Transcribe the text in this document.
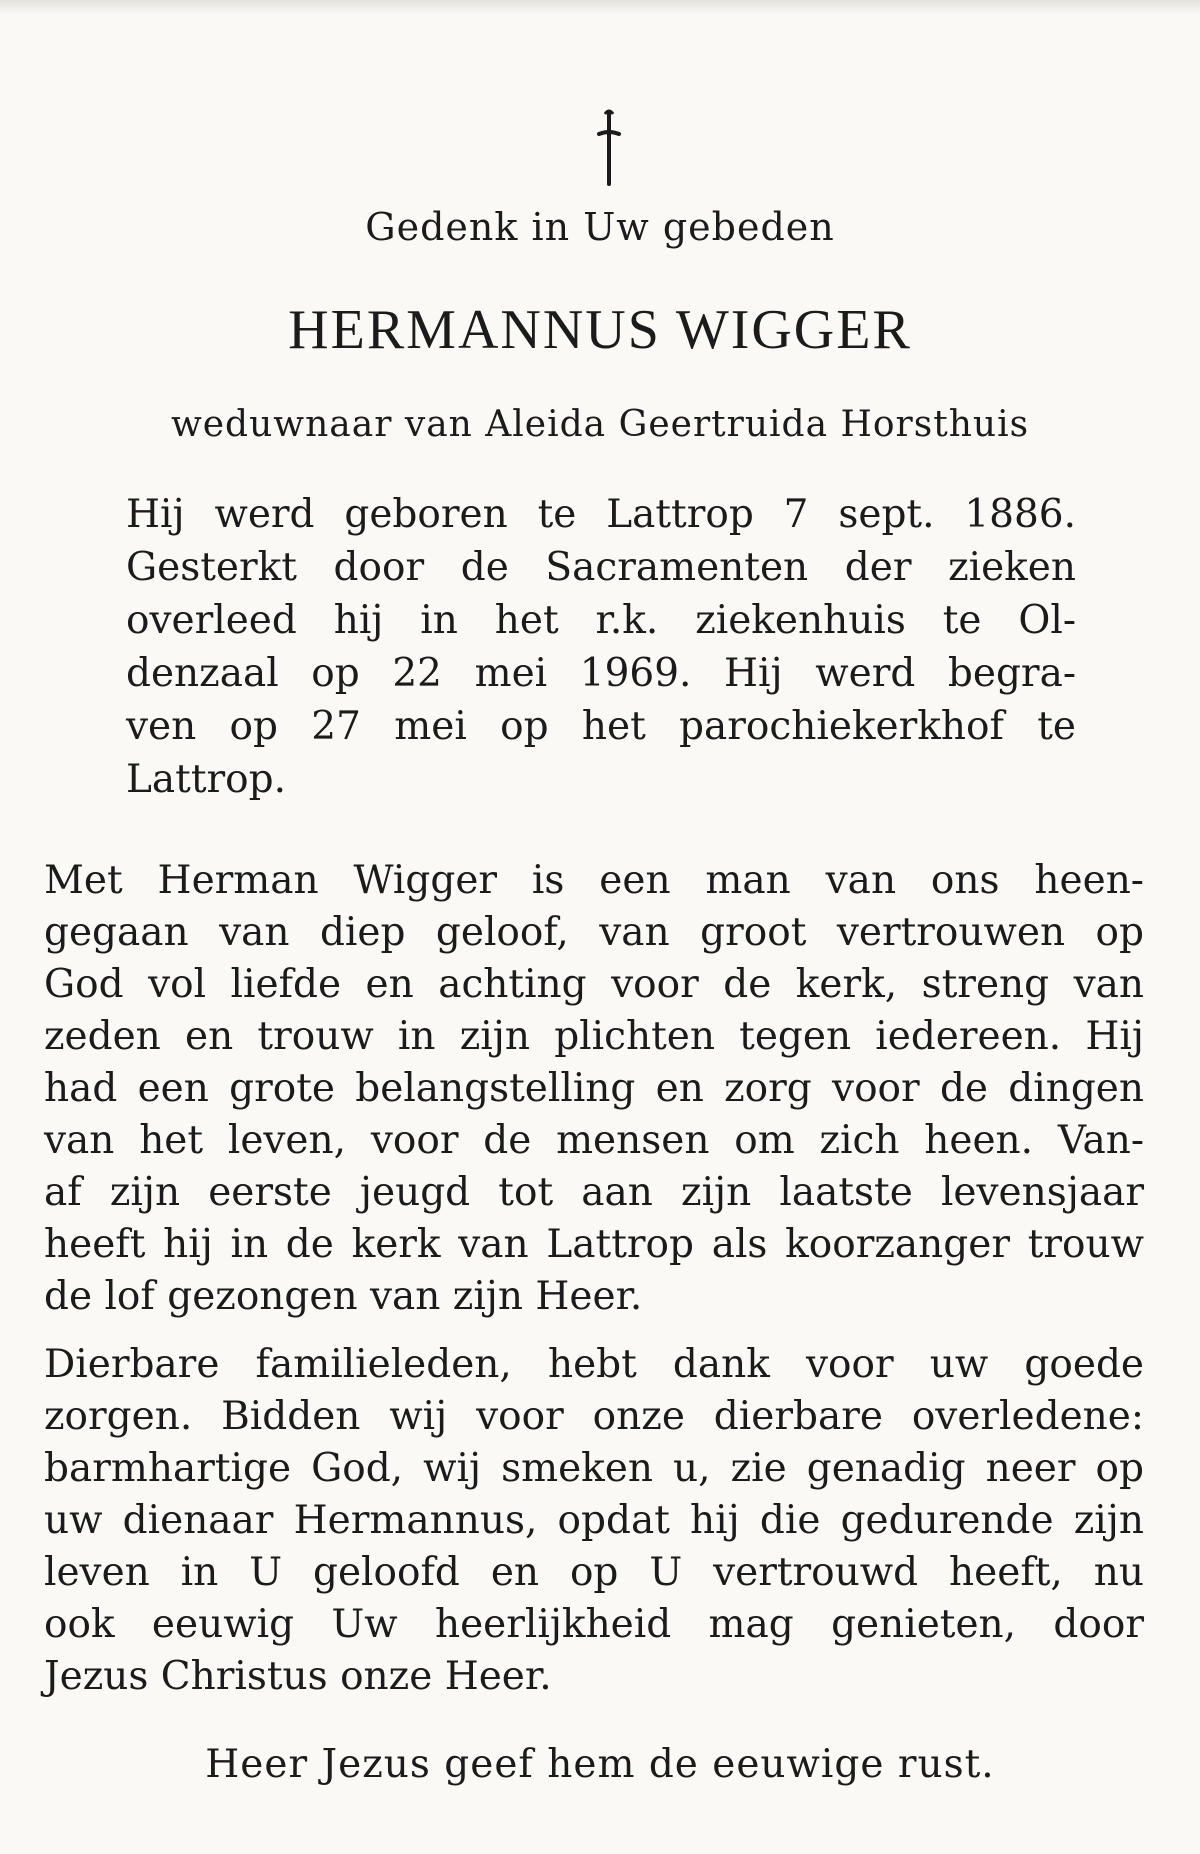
Gedenk in Uw gebeden
HERMANNUS WIGGER
weduwnaar van Aleida Geertruida Horsthuis
Hij werd geboren te Lattrop 7 sept. 1886.
Gesterkt door de Sacramenten der zieken
overleed hij in het r.k. ziekenhuis te Ol-
denzaal op 22 mei 1969. Hij werd begra-
ven op 27 mei op het parochiekerkhof te
Lattrop.
Met Herman Wigger is een man van ons heen-
gegaan van diep geloof, van groot vertrouwen op
God vol liefde en achting voor de kerk, streng van
zeden en trouw in zijn plichten tegen iedereen. Hij
had een grote belangstelling en zorg voor de dingen
van het leven, voor de mensen om zich heen. Van-
af zijn eerste jeugd tot aan zijn laatste levensjaar
heeft hij in de kerk van Lattrop als koorzanger trouw
de lof gezongen van zijn Heer.
Dierbare familieleden, hebt dank voor uw goede
zorgen. Bidden wij voor onze dierbare overledene:
barmhartige God, wij smeken u, zie genadig neer op
uw dienaar Hermannus, opdat hij die gedurende zijn
leven in U geloofd en op U vertrouwd heeft, nu
ook eeuwig Uw heerlijkheid mag genieten, door
Jezus Christus onze Heer.
Heer Jezus geef hem de eeuwige rust.
